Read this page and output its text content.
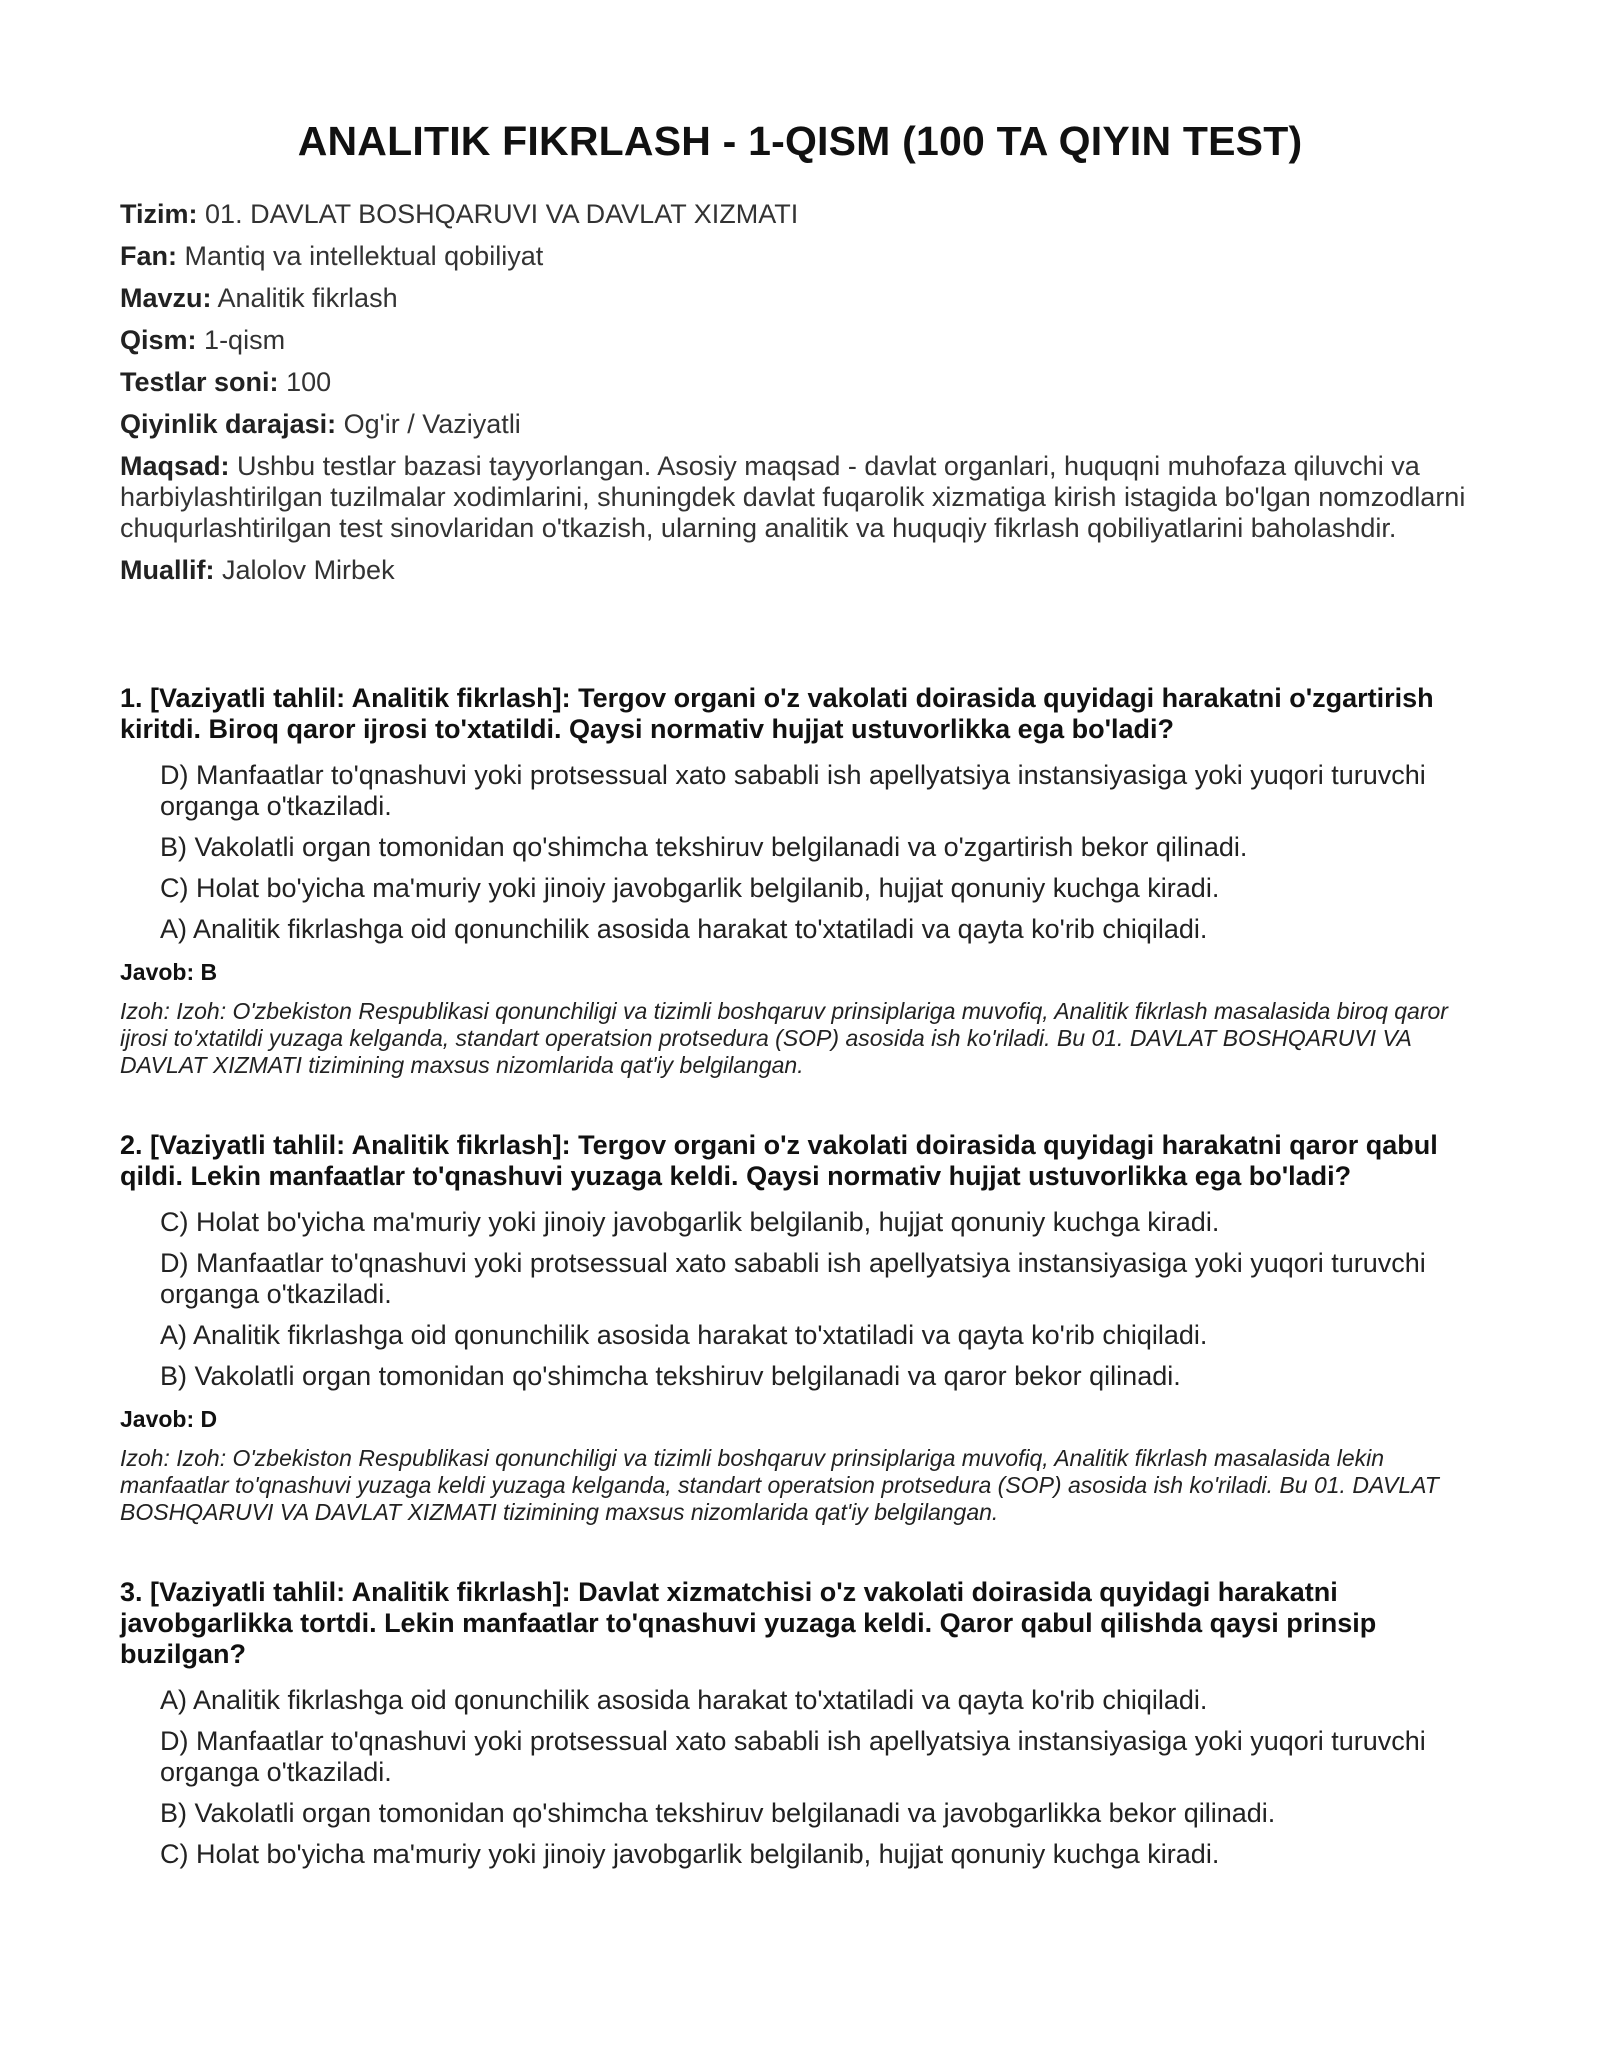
ANALITIK FIKRLASH - 1-QISM (100 TA QIYIN TEST)

Tizim: 01. DAVLAT BOSHQARUVI VA DAVLAT XIZMATI

Fan: Mantiq va intellektual qobiliyat

Mavzu: Analitik fikrlash

Qism: 1-qism

Testlar soni: 100

Qiyinlik darajasi: Og'ir / Vaziyatli

Maqsad: Ushbu testlar bazasi tayyorlangan. Asosiy maqsad - davlat organlari, huquqni muhofaza qiluvchi va harbiylashtirilgan tuzilmalar xodimlarini, shuningdek davlat fuqarolik xizmatiga kirish istagida bo'lgan nomzodlarni chuqurlashtirilgan test sinovlaridan o'tkazish, ularning analitik va huquqiy fikrlash qobiliyatlarini baholashdir.

Muallif: Jalolov Mirbek

1. [Vaziyatli tahlil: Analitik fikrlash]: Tergov organi o'z vakolati doirasida quyidagi harakatni o'zgartirish kiritdi. Biroq qaror ijrosi to'xtatildi. Qaysi normativ hujjat ustuvorlikka ega bo'ladi?
D) Manfaatlar to'qnashuvi yoki protsessual xato sababli ish apellyatsiya instansiyasiga yoki yuqori turuvchi organga o'tkaziladi.
B) Vakolatli organ tomonidan qo'shimcha tekshiruv belgilanadi va o'zgartirish bekor qilinadi.
C) Holat bo'yicha ma'muriy yoki jinoiy javobgarlik belgilanib, hujjat qonuniy kuchga kiradi.
A) Analitik fikrlashga oid qonunchilik asosida harakat to'xtatiladi va qayta ko'rib chiqiladi.
Javob: B
Izoh: Izoh: O'zbekiston Respublikasi qonunchiligi va tizimli boshqaruv prinsiplariga muvofiq, Analitik fikrlash masalasida biroq qaror ijrosi to'xtatildi yuzaga kelganda, standart operatsion protsedura (SOP) asosida ish ko'riladi. Bu 01. DAVLAT BOSHQARUVI VA DAVLAT XIZMATI tizimining maxsus nizomlarida qat'iy belgilangan.
2. [Vaziyatli tahlil: Analitik fikrlash]: Tergov organi o'z vakolati doirasida quyidagi harakatni qaror qabul qildi. Lekin manfaatlar to'qnashuvi yuzaga keldi. Qaysi normativ hujjat ustuvorlikka ega bo'ladi?
C) Holat bo'yicha ma'muriy yoki jinoiy javobgarlik belgilanib, hujjat qonuniy kuchga kiradi.
D) Manfaatlar to'qnashuvi yoki protsessual xato sababli ish apellyatsiya instansiyasiga yoki yuqori turuvchi organga o'tkaziladi.
A) Analitik fikrlashga oid qonunchilik asosida harakat to'xtatiladi va qayta ko'rib chiqiladi.
B) Vakolatli organ tomonidan qo'shimcha tekshiruv belgilanadi va qaror bekor qilinadi.
Javob: D
Izoh: Izoh: O'zbekiston Respublikasi qonunchiligi va tizimli boshqaruv prinsiplariga muvofiq, Analitik fikrlash masalasida lekin manfaatlar to'qnashuvi yuzaga keldi yuzaga kelganda, standart operatsion protsedura (SOP) asosida ish ko'riladi. Bu 01. DAVLAT BOSHQARUVI VA DAVLAT XIZMATI tizimining maxsus nizomlarida qat'iy belgilangan.
3. [Vaziyatli tahlil: Analitik fikrlash]: Davlat xizmatchisi o'z vakolati doirasida quyidagi harakatni javobgarlikka tortdi. Lekin manfaatlar to'qnashuvi yuzaga keldi. Qaror qabul qilishda qaysi prinsip buzilgan?
A) Analitik fikrlashga oid qonunchilik asosida harakat to'xtatiladi va qayta ko'rib chiqiladi.
D) Manfaatlar to'qnashuvi yoki protsessual xato sababli ish apellyatsiya instansiyasiga yoki yuqori turuvchi organga o'tkaziladi.
B) Vakolatli organ tomonidan qo'shimcha tekshiruv belgilanadi va javobgarlikka bekor qilinadi.
C) Holat bo'yicha ma'muriy yoki jinoiy javobgarlik belgilanib, hujjat qonuniy kuchga kiradi.
